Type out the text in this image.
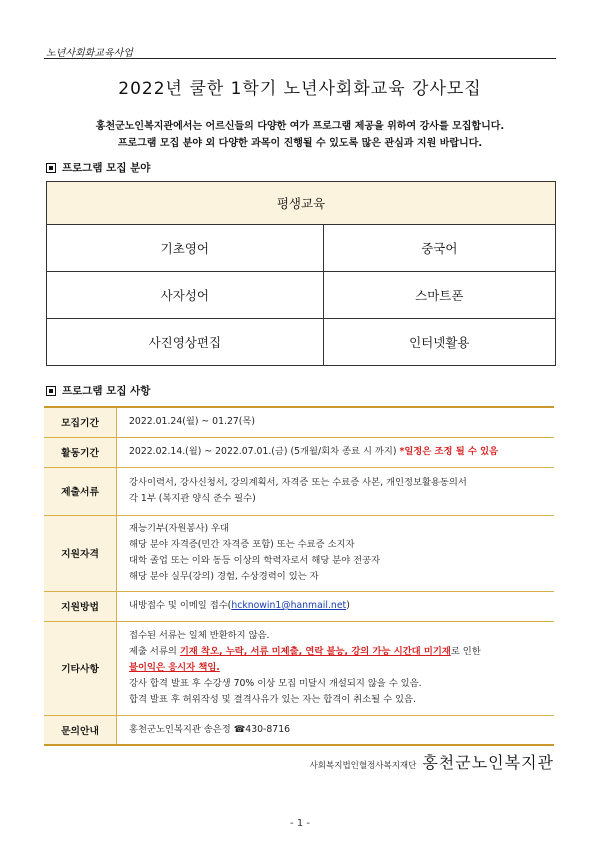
노년사회화교육사업
2022년 쿨한 1학기 노년사회화교육 강사모집
홍천군노인복지관에서는 어르신들의 다양한 여가 프로그램 제공을 위하여 강사를 모집합니다.
프로그램 모집 분야 외 다양한 과목이 진행될 수 있도록 많은 관심과 지원 바랍니다.
프로그램 모집 분야
평생교육	
기초영어	중국어
사자성어	스마트폰
사진영상편집	인터넷활용
프로그램 모집 사항
모집기간	2022.01.24(월) ~ 01.27(목)
활동기간	2022.02.14.(월) ~ 2022.07.01.(금) (5개월/회차 종료 시 까지) *일정은 조정 될 수 있음
제출서류	강사이력서, 강사신청서, 강의계획서, 자격증 또는 수료증 사본, 개인정보활용동의서
각 1부 (복지관 양식 준수 필수)

지원자격	재능기부(자원봉사) 우대
해당 분야 자격증(민간 자격증 포함) 또는 수료증 소지자
대학 졸업 또는 이와 동등 이상의 학력자로서 해당 분야 전공자
해당 분야 실무(강의) 경험, 수상경력이 있는 자

지원방법	내방접수 및 이메일 접수(hcknowin1@hanmail.net)
기타사항	접수된 서류는 일체 반환하지 않음.
제출 서류의 기재 착오, 누락, 서류 미제출, 연락 불능, 강의 가능 시간대 미기재로 인한
불이익은 응시자 책임.
강사 합격 발표 후 수강생 70% 이상 모집 미달시 개설되지 않을 수 있음.
합격 발표 후 허위작성 및 결격사유가 있는 자는 합격이 취소될 수 있음.

문의안내	홍천군노인복지관 송은정 ☎430-8716
사회복지법인혈정사복지재단 홍천군노인복지관
- 1 -
